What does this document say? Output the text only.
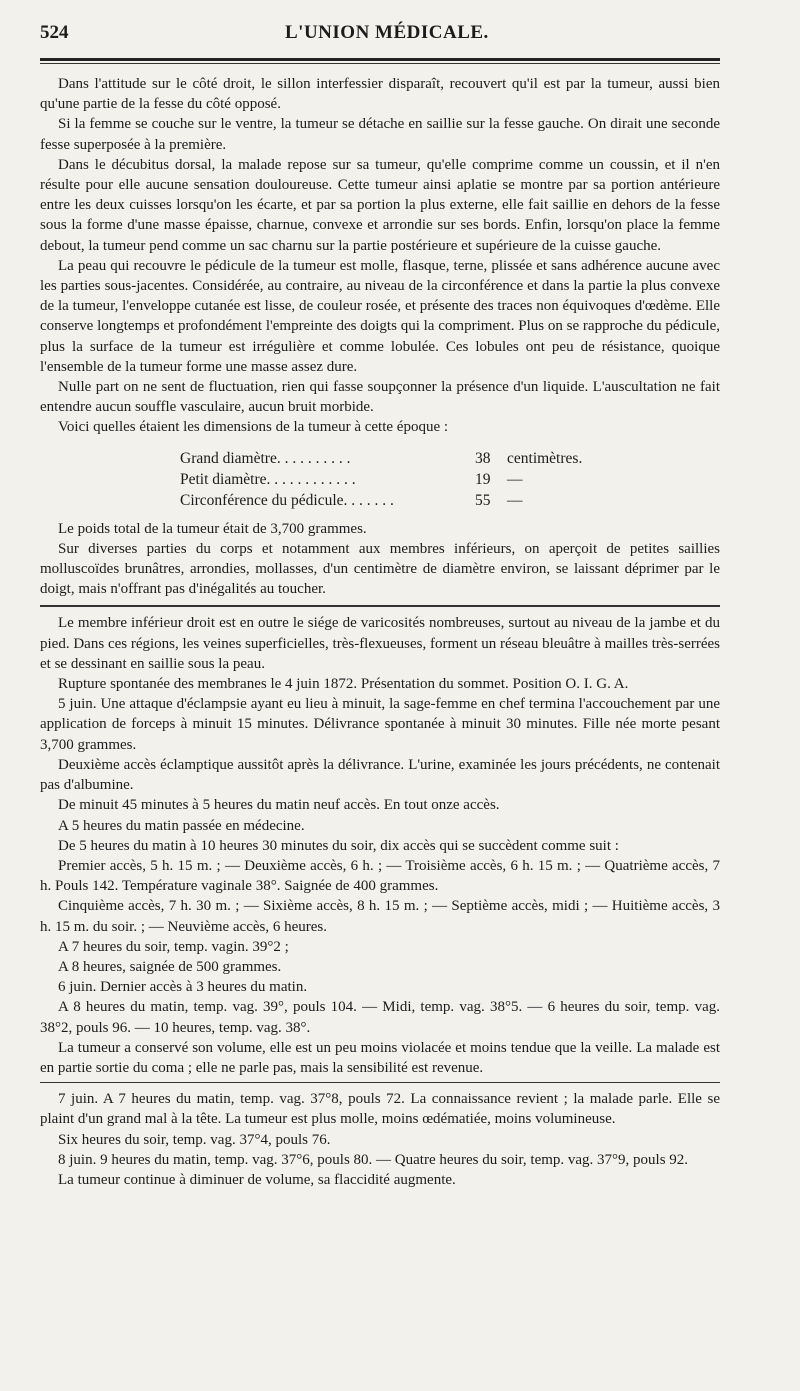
524	L'UNION MÉDICALE.

Dans l'attitude sur le côté droit, le sillon interfessier disparaît, recouvert qu'il est par la tumeur, aussi bien qu'une partie de la fesse du côté opposé.

Si la femme se couche sur le ventre, la tumeur se détache en saillie sur la fesse gauche. On dirait une seconde fesse superposée à la première.

Dans le décubitus dorsal, la malade repose sur sa tumeur, qu'elle comprime comme un coussin, et il n'en résulte pour elle aucune sensation douloureuse. Cette tumeur ainsi aplatie se montre par sa portion antérieure entre les deux cuisses lorsqu'on les écarte, et par sa portion la plus externe, elle fait saillie en dehors de la fesse sous la forme d'une masse épaisse, charnue, convexe et arrondie sur ses bords. Enfin, lorsqu'on place la femme debout, la tumeur pend comme un sac charnu sur la partie postérieure et supérieure de la cuisse gauche.

La peau qui recouvre le pédicule de la tumeur est molle, flasque, terne, plissée et sans adhérence aucune avec les parties sous-jacentes. Considérée, au contraire, au niveau de la circonférence et dans la partie la plus convexe de la tumeur, l'enveloppe cutanée est lisse, de couleur rosée, et présente des traces non équivoques d'œdème. Elle conserve longtemps et profondément l'empreinte des doigts qui la compriment. Plus on se rapproche du pédicule, plus la surface de la tumeur est irrégulière et comme lobulée. Ces lobules ont peu de résistance, quoique l'ensemble de la tumeur forme une masse assez dure.

Nulle part on ne sent de fluctuation, rien qui fasse soupçonner la présence d'un liquide. L'auscultation ne fait entendre aucun souffle vasculaire, aucun bruit morbide.

Voici quelles étaient les dimensions de la tumeur à cette époque :

Grand diamètre. . . . . . . . . .	38	centimètres.
Petit diamètre. . . . . . . . . . . .	19	—
Circonférence du pédicule. . . . . . .	55	—

Le poids total de la tumeur était de 3,700 grammes.

Sur diverses parties du corps et notamment aux membres inférieurs, on aperçoit de petites saillies molluscoïdes brunâtres, arrondies, mollasses, d'un centimètre de diamètre environ, se laissant déprimer par le doigt, mais n'offrant pas d'inégalités au toucher.

Le membre inférieur droit est en outre le siége de varicosités nombreuses, surtout au niveau de la jambe et du pied. Dans ces régions, les veines superficielles, très-flexueuses, forment un réseau bleuâtre à mailles très-serrées et se dessinant en saillie sous la peau.

Rupture spontanée des membranes le 4 juin 1872. Présentation du sommet. Position O. I. G. A.

5 juin. Une attaque d'éclampsie ayant eu lieu à minuit, la sage-femme en chef termina l'accouchement par une application de forceps à minuit 15 minutes. Délivrance spontanée à minuit 30 minutes. Fille née morte pesant 3,700 grammes.

Deuxième accès éclamptique aussitôt après la délivrance. L'urine, examinée les jours précédents, ne contenait pas d'albumine.

De minuit 45 minutes à 5 heures du matin neuf accès. En tout onze accès.

A 5 heures du matin passée en médecine.

De 5 heures du matin à 10 heures 30 minutes du soir, dix accès qui se succèdent comme suit :

Premier accès, 5 h. 15 m. ; — Deuxième accès, 6 h. ; — Troisième accès, 6 h. 15 m. ; — Quatrième accès, 7 h. Pouls 142. Température vaginale 38°. Saignée de 400 grammes.

Cinquième accès, 7 h. 30 m. ; — Sixième accès, 8 h. 15 m. ; — Septième accès, midi ; — Huitième accès, 3 h. 15 m. du soir. ; — Neuvième accès, 6 heures.

A 7 heures du soir, temp. vagin. 39°2 ;

A 8 heures, saignée de 500 grammes.

6 juin. Dernier accès à 3 heures du matin.

A 8 heures du matin, temp. vag. 39°, pouls 104. — Midi, temp. vag. 38°5. — 6 heures du soir, temp. vag. 38°2, pouls 96. — 10 heures, temp. vag. 38°.

La tumeur a conservé son volume, elle est un peu moins violacée et moins tendue que la veille. La malade est en partie sortie du coma ; elle ne parle pas, mais la sensibilité est revenue.

7 juin. A 7 heures du matin, temp. vag. 37°8, pouls 72. La connaissance revient ; la malade parle. Elle se plaint d'un grand mal à la tête. La tumeur est plus molle, moins œdématiée, moins volumineuse.

Six heures du soir, temp. vag. 37°4, pouls 76.

8 juin. 9 heures du matin, temp. vag. 37°6, pouls 80. — Quatre heures du soir, temp. vag. 37°9, pouls 92.

La tumeur continue à diminuer de volume, sa flaccidité augmente.
